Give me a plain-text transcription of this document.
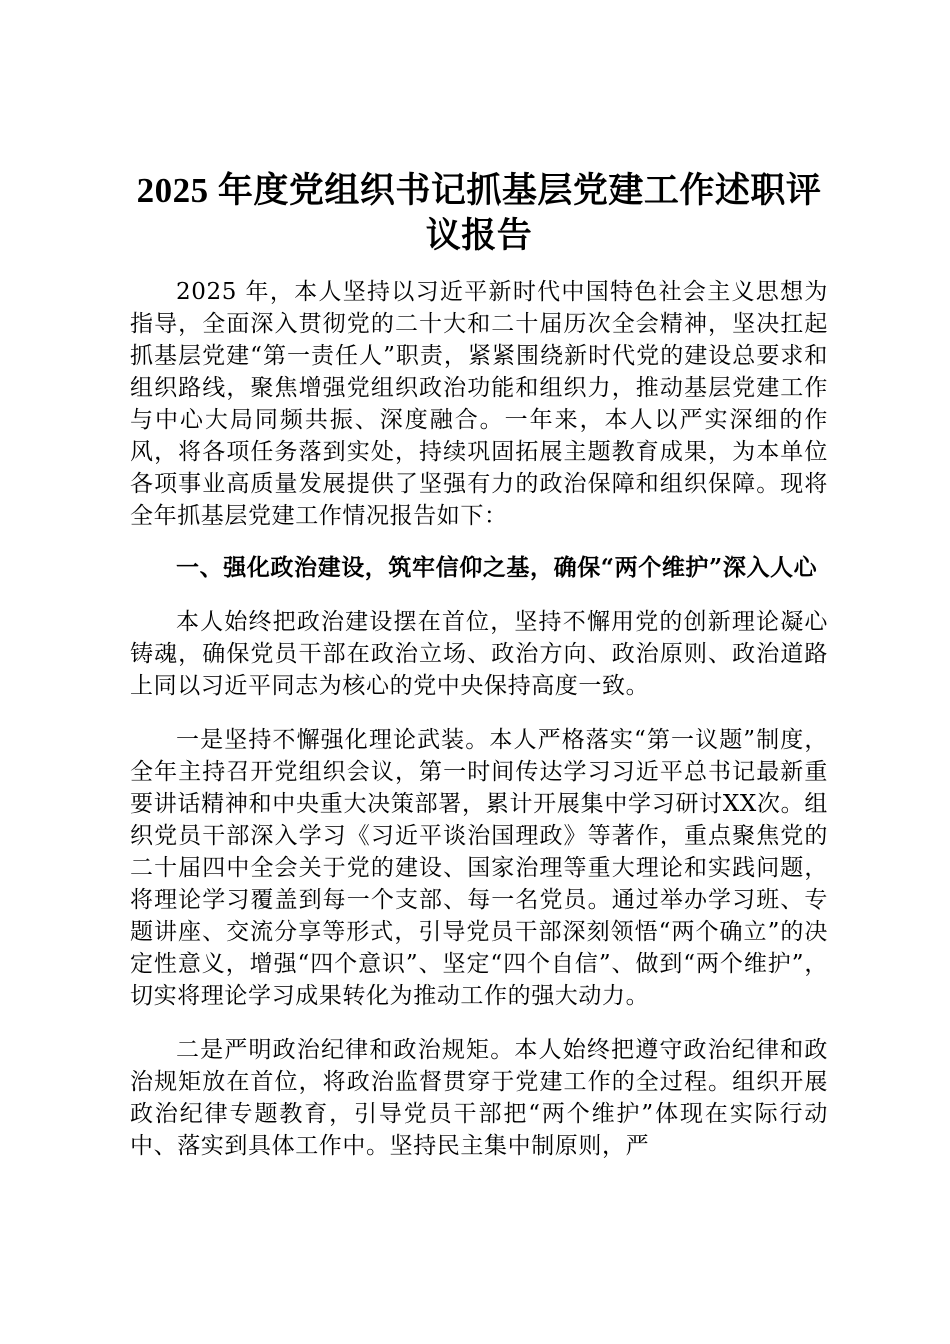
2025 年度党组织书记抓基层党建工作述职评
议报告

2025 年，本人坚持以习近平新时代中国特色社会主义思想为指导，全面深入贯彻党的二十大和二十届历次全会精神，坚决扛起抓基层党建“第一责任人”职责，紧紧围绕新时代党的建设总要求和组织路线，聚焦增强党组织政治功能和组织力，推动基层党建工作与中心大局同频共振、深度融合。一年来，本人以严实深细的作风，将各项任务落到实处，持续巩固拓展主题教育成果，为本单位各项事业高质量发展提供了坚强有力的政治保障和组织保障。现将全年抓基层党建工作情况报告如下：

一、强化政治建设，筑牢信仰之基，确保“两个维护”深入人心

本人始终把政治建设摆在首位，坚持不懈用党的创新理论凝心铸魂，确保党员干部在政治立场、政治方向、政治原则、政治道路上同以习近平同志为核心的党中央保持高度一致。

一是坚持不懈强化理论武装。本人严格落实“第一议题”制度，全年主持召开党组织会议，第一时间传达学习习近平总书记最新重要讲话精神和中央重大决策部署，累计开展集中学习研讨XX次。组织党员干部深入学习《习近平谈治国理政》等著作，重点聚焦党的二十届四中全会关于党的建设、国家治理等重大理论和实践问题，将理论学习覆盖到每一个支部、每一名党员。通过举办学习班、专题讲座、交流分享等形式，引导党员干部深刻领悟“两个确立”的决定性意义，增强“四个意识”、坚定“四个自信”、做到“两个维护”，切实将理论学习成果转化为推动工作的强大动力。

二是严明政治纪律和政治规矩。本人始终把遵守政治纪律和政治规矩放在首位，将政治监督贯穿于党建工作的全过程。组织开展政治纪律专题教育，引导党员干部把“两个维护”体现在实际行动中、落实到具体工作中。坚持民主集中制原则，严
